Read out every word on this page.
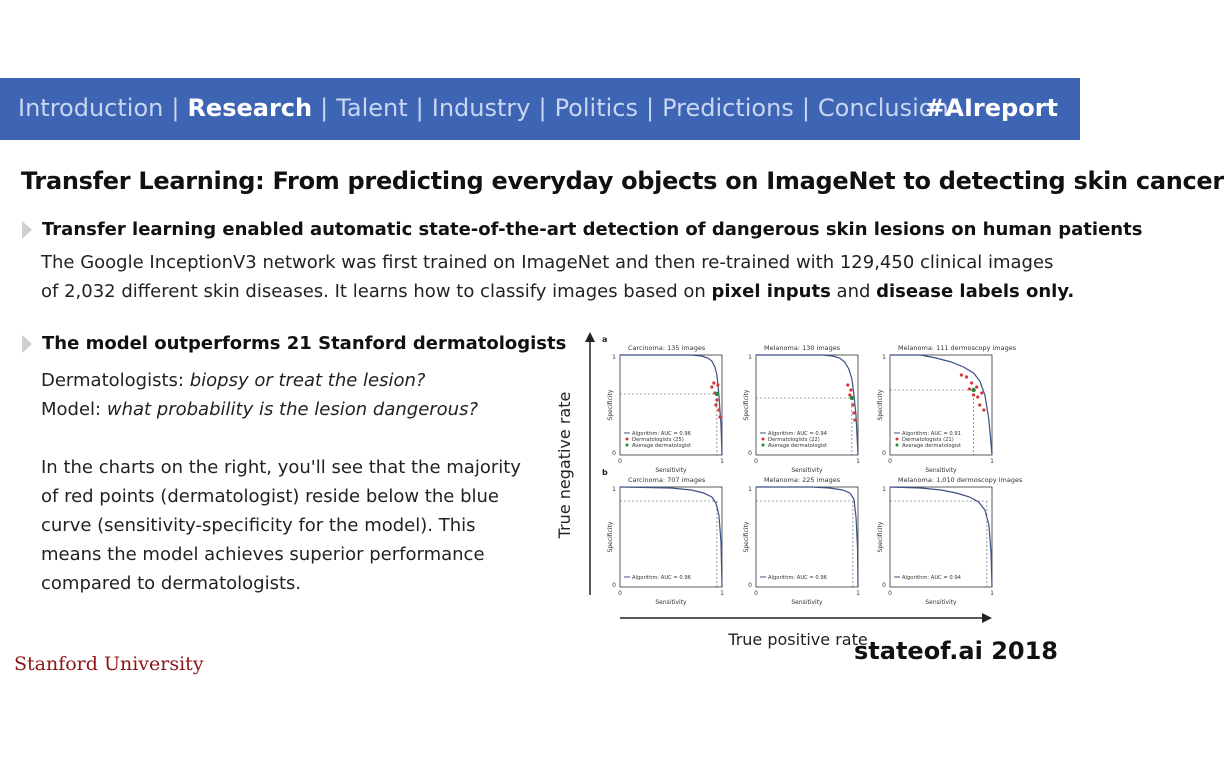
Introduction | Research | Talent | Industry | Politics | Predictions | Conclusion
#AIreport
Transfer Learning: From predicting everyday objects on ImageNet to detecting skin cancer
Transfer learning enabled automatic state-of-the-art detection of dangerous skin lesions on human patients
The Google InceptionV3 network was first trained on ImageNet and then re-trained with 129,450 clinical images
of 2,032 different skin diseases. It learns how to classify images based on pixel inputs and disease labels only.
The model outperforms 21 Stanford dermatologists
Dermatologists: biopsy or treat the lesion?
Model: what probability is the lesion dangerous?
In the charts on the right, you'll see that the majority
of red points (dermatologist) reside below the blue
curve (sensitivity-specificity for the model). This
means the model achieves superior performance
compared to dermatologists.
True negative rate
True positive rate
a
b
Carcinoma: 135 images
Sensitivity
Specificity
0	1
0
1
Algorithm: AUC = 0.96
Dermatologists (25)
Average dermatologist
Melanoma: 130 images
Sensitivity
Specificity
0	1
0
1
Algorithm: AUC = 0.94
Dermatologists (22)
Average dermatologist
Melanoma: 111 dermoscopy images
Sensitivity
Specificity
0	1
0
1
Algorithm: AUC = 0.91
Dermatologists (21)
Average dermatologist
Carcinoma: 707 images
Sensitivity
Specificity
0	1
0
1
Algorithm: AUC = 0.96
Melanoma: 225 images
Sensitivity
Specificity
0	1
0
1
Algorithm: AUC = 0.96
Melanoma: 1,010 dermoscopy images
Sensitivity
Specificity
0	1
0
1
Algorithm: AUC = 0.94
Stanford University	stateof.ai 2018
